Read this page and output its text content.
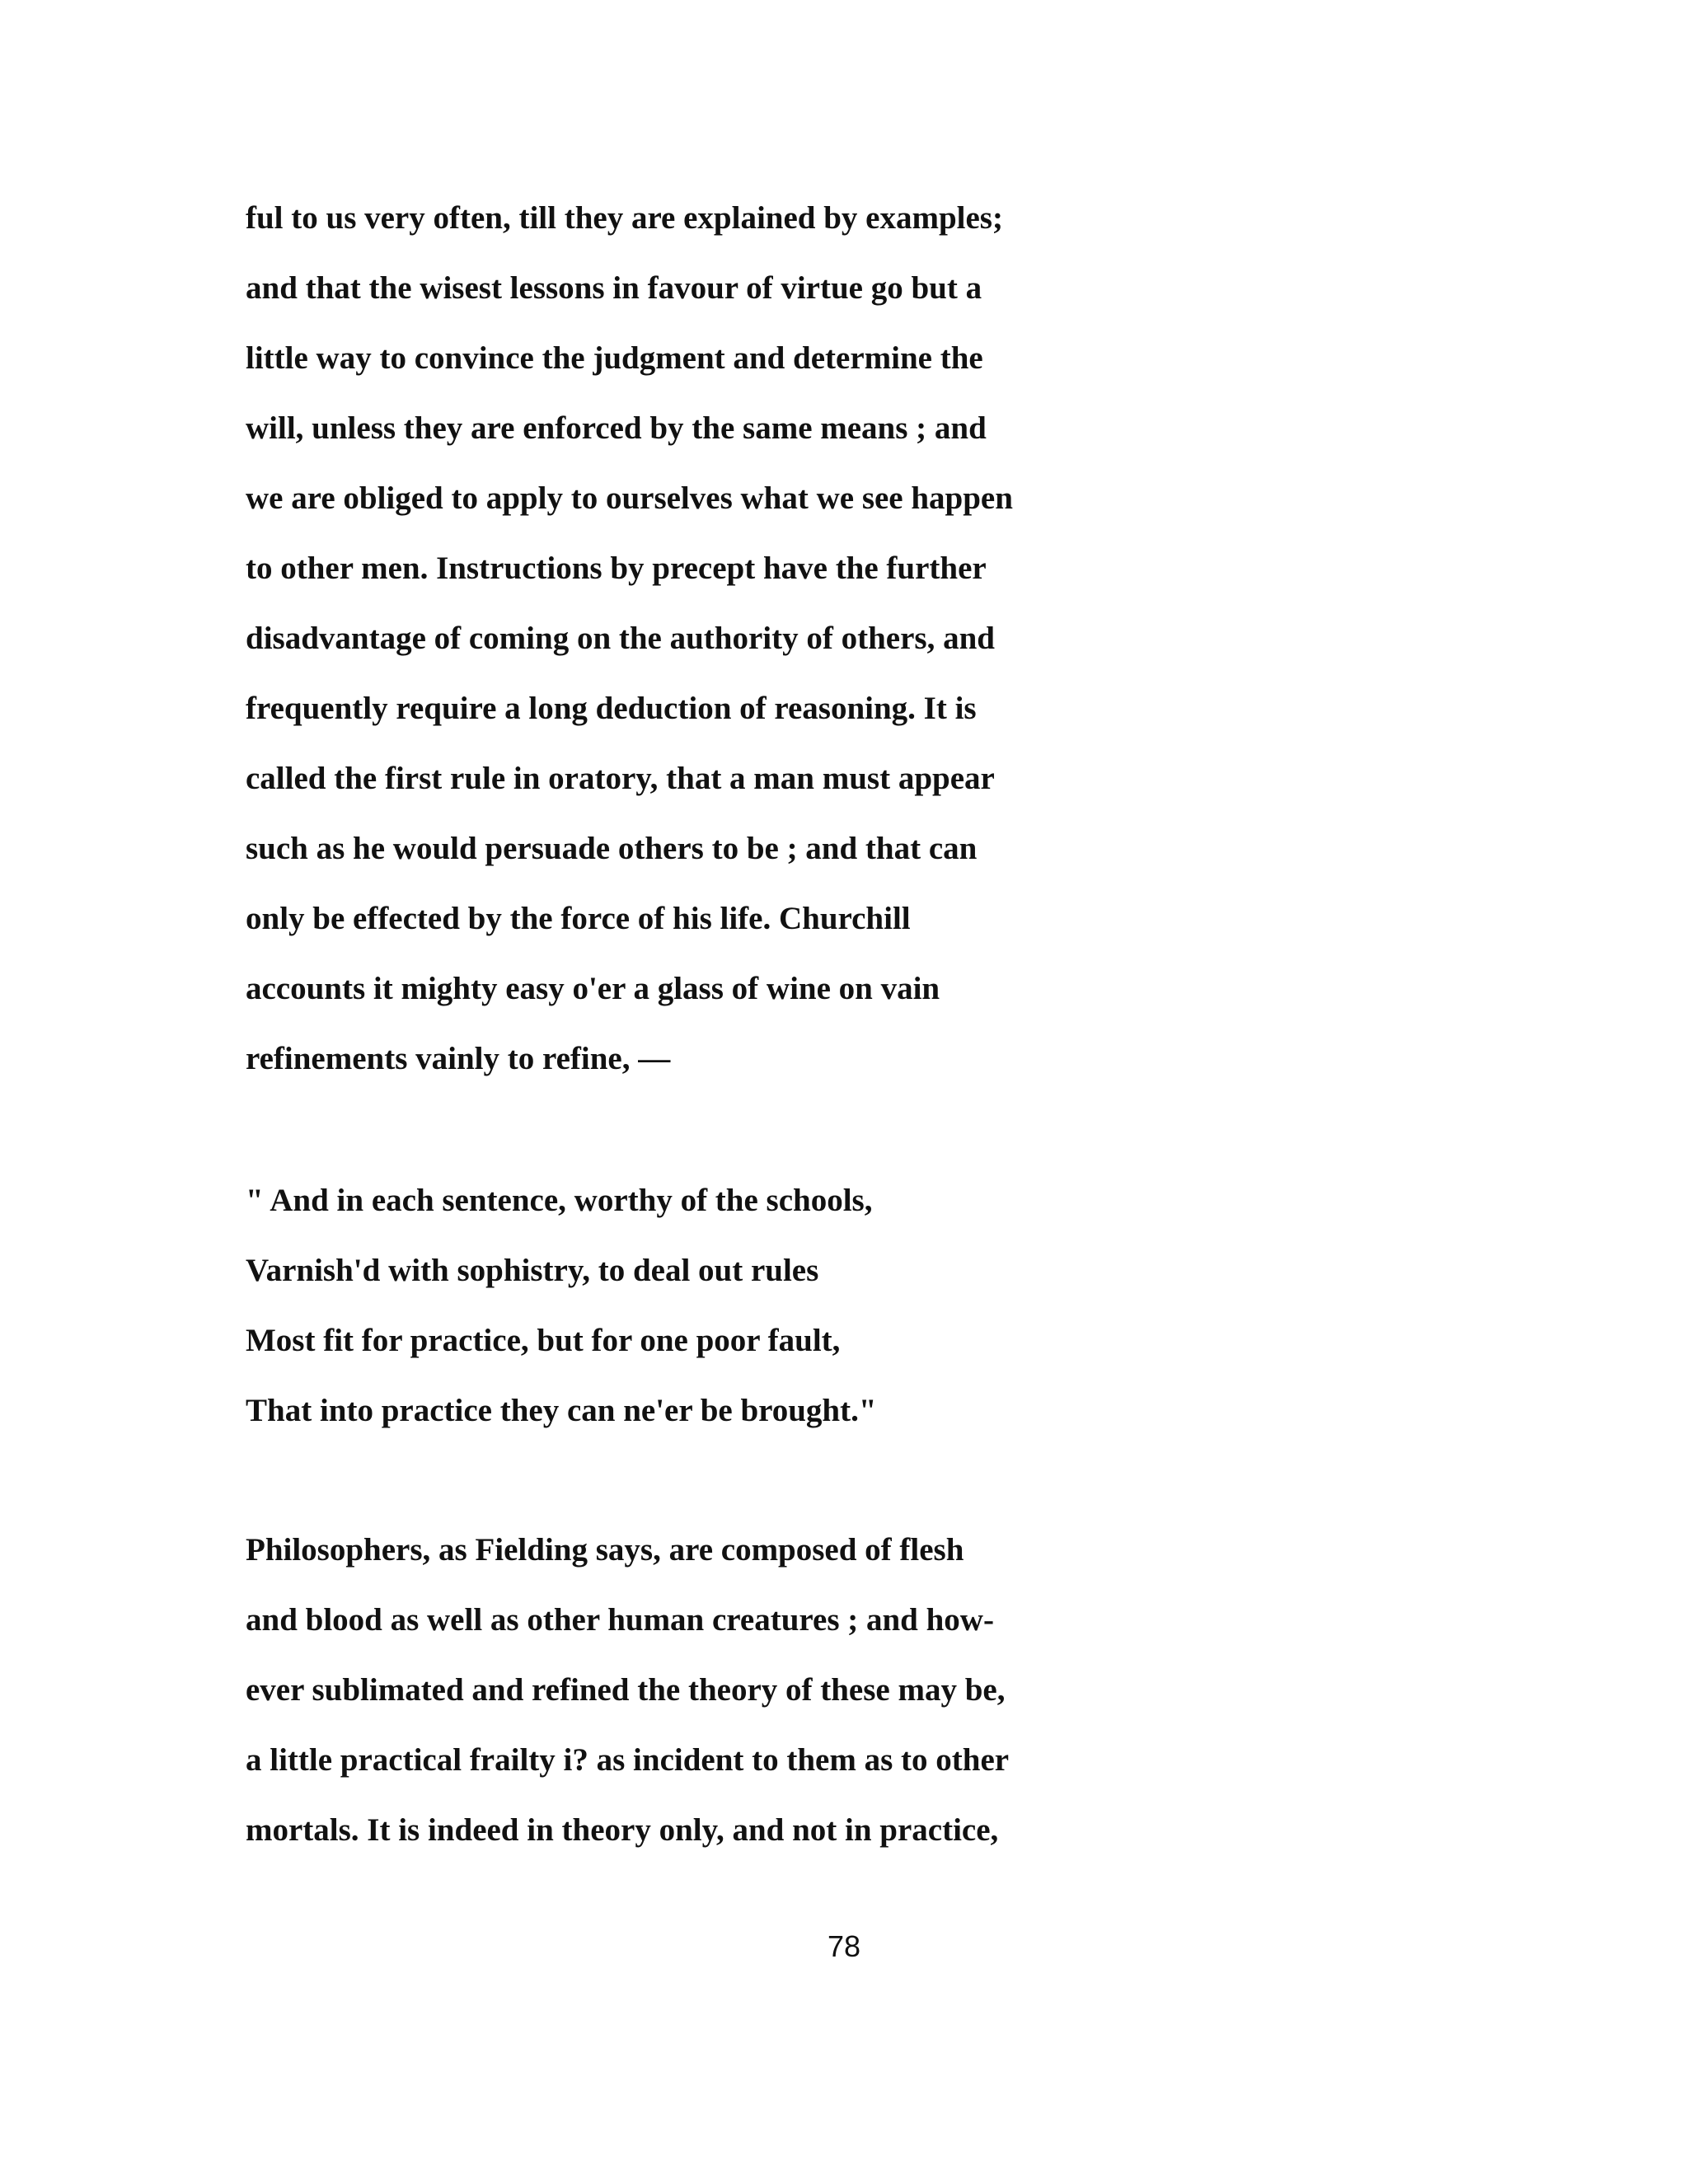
ful to us very often, till they are explained by examples;
and that the wisest lessons in favour of virtue go but a
little way to convince the judgment and determine the
will, unless they are enforced by the same means ; and
we are obliged to apply to ourselves what we see happen
to other men. Instructions by precept have the further
disadvantage of coming on the authority of others, and
frequently require a long deduction of reasoning. It is
called the first rule in oratory, that a man must appear
such as he would persuade others to be ; and that can
only be effected by the force of his life. Churchill
accounts it mighty easy o'er a glass of wine on vain
refinements vainly to refine, —
" And in each sentence, worthy of the schools,
Varnish'd with sophistry, to deal out rules
Most fit for practice, but for one poor fault,
That into practice they can ne'er be brought."
Philosophers, as Fielding says, are composed of flesh
and blood as well as other human creatures ; and how-
ever sublimated and refined the theory of these may be,
a little practical frailty i? as incident to them as to other
mortals. It is indeed in theory only, and not in practice,
78
